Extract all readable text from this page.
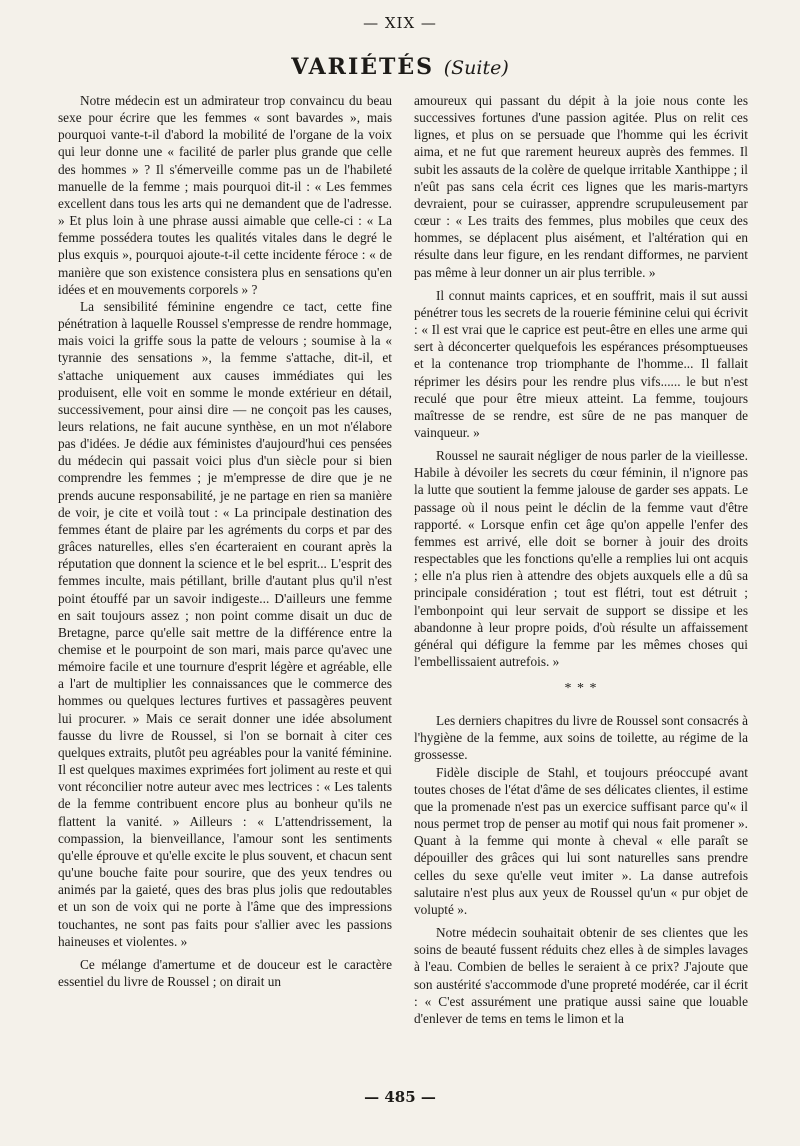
— XIX —
VARIÉTÉS (Suite)

Notre médecin est un admirateur trop convaincu du beau sexe pour écrire que les femmes « sont bavardes », mais pourquoi vante-t-il d'abord la mobilité de l'organe de la voix qui leur donne une « facilité de parler plus grande que celle des hommes » ? Il s'émerveille comme pas un de l'habileté manuelle de la femme ; mais pourquoi dit-il : « Les femmes excellent dans tous les arts qui ne demandent que de l'adresse. » Et plus loin à une phrase aussi aimable que celle-ci : « La femme possédera toutes les qualités vitales dans le degré le plus exquis », pourquoi ajoute-t-il cette incidente féroce : « de manière que son existence consistera plus en sensations qu'en idées et en mouvements corporels » ?

La sensibilité féminine engendre ce tact, cette fine pénétration à laquelle Roussel s'empresse de rendre hommage, mais voici la griffe sous la patte de velours ; soumise à la « tyrannie des sensations », la femme s'attache, dit-il, et s'attache uniquement aux causes immédiates qui les produisent, elle voit en somme le monde extérieur en détail, successivement, pour ainsi dire — ne conçoit pas les causes, leurs relations, ne fait aucune synthèse, en un mot n'élabore pas d'idées. Je dédie aux féministes d'aujourd'hui ces pensées du médecin qui passait voici plus d'un siècle pour si bien comprendre les femmes ; je m'empresse de dire que je ne prends aucune responsabilité, je ne partage en rien sa manière de voir, je cite et voilà tout : « La principale destination des femmes étant de plaire par les agréments du corps et par des grâces naturelles, elles s'en écarteraient en courant après la réputation que donnent la science et le bel esprit... L'esprit des femmes inculte, mais pétillant, brille d'autant plus qu'il n'est point étouffé par un savoir indigeste... D'ailleurs une femme en sait toujours assez ; non point comme disait un duc de Bretagne, parce qu'elle sait mettre de la différence entre la chemise et le pourpoint de son mari, mais parce qu'avec une mémoire facile et une tournure d'esprit légère et agréable, elle a l'art de multiplier les connaissances que le commerce des hommes ou quelques lectures furtives et passagères peuvent lui procurer. » Mais ce serait donner une idée absolument fausse du livre de Roussel, si l'on se bornait à citer ces quelques extraits, plutôt peu agréables pour la vanité féminine. Il est quelques maximes exprimées fort joliment au reste et qui vont réconcilier notre auteur avec mes lectrices : « Les talents de la femme contribuent encore plus au bonheur qu'ils ne flattent la vanité. » Ailleurs : « L'attendrissement, la compassion, la bienveillance, l'amour sont les sentiments qu'elle éprouve et qu'elle excite le plus souvent, et chacun sent qu'une bouche faite pour sourire, que des yeux tendres ou animés par la gaieté, ques des bras plus jolis que redoutables et un son de voix qui ne porte à l'âme que des impressions touchantes, ne sont pas faits pour s'allier avec les passions haineuses et violentes. »

Ce mélange d'amertume et de douceur est le caractère essentiel du livre de Roussel ; on dirait un

amoureux qui passant du dépit à la joie nous conte les successives fortunes d'une passion agitée. Plus on relit ces lignes, et plus on se persuade que l'homme qui les écrivit aima, et ne fut que rarement heureux auprès des femmes. Il subit les assauts de la colère de quelque irritable Xanthippe ; il n'eût pas sans cela écrit ces lignes que les maris-martyrs devraient, pour se cuirasser, apprendre scrupuleusement par cœur : « Les traits des femmes, plus mobiles que ceux des hommes, se déplacent plus aisément, et l'altération qui en résulte dans leur figure, en les rendant difformes, ne parvient pas même à leur donner un air plus terrible. »

Il connut maints caprices, et en souffrit, mais il sut aussi pénétrer tous les secrets de la rouerie féminine celui qui écrivit : « Il est vrai que le caprice est peut-être en elles une arme qui sert à déconcerter quelquefois les espérances présomptueuses et la contenance trop triomphante de l'homme... Il fallait réprimer les désirs pour les rendre plus vifs...... le but n'est reculé que pour être mieux atteint. La femme, toujours maîtresse de se rendre, est sûre de ne pas manquer de vainqueur. »

Roussel ne saurait négliger de nous parler de la vieillesse. Habile à dévoiler les secrets du cœur féminin, il n'ignore pas la lutte que soutient la femme jalouse de garder ses appats. Le passage où il nous peint le déclin de la femme vaut d'être rapporté. « Lorsque enfin cet âge qu'on appelle l'enfer des femmes est arrivé, elle doit se borner à jouir des droits respectables que les fonctions qu'elle a remplies lui ont acquis ; elle n'a plus rien à attendre des objets auxquels elle a dû sa principale considération ; tout est flétri, tout est détruit ; l'embonpoint qui leur servait de support se dissipe et les abandonne à leur propre poids, d'où résulte un affaissement général qui défigure la femme par les mêmes choses qui l'embellissaient autrefois. »

* * *

Les derniers chapitres du livre de Roussel sont consacrés à l'hygiène de la femme, aux soins de toilette, au régime de la grossesse.

Fidèle disciple de Stahl, et toujours préoccupé avant toutes choses de l'état d'âme de ses délicates clientes, il estime que la promenade n'est pas un exercice suffisant parce qu'« il nous permet trop de penser au motif qui nous fait promener ». Quant à la femme qui monte à cheval « elle paraît se dépouiller des grâces qui lui sont naturelles sans prendre celles du sexe qu'elle veut imiter ». La danse autrefois salutaire n'est plus aux yeux de Roussel qu'un « pur objet de volupté ».

Notre médecin souhaitait obtenir de ses clientes que les soins de beauté fussent réduits chez elles à de simples lavages à l'eau. Combien de belles le seraient à ce prix? J'ajoute que son austérité s'accommode d'une propreté modérée, car il écrit : « C'est assurément une pratique aussi saine que louable d'enlever de tems en tems le limon et la

— 485 —
